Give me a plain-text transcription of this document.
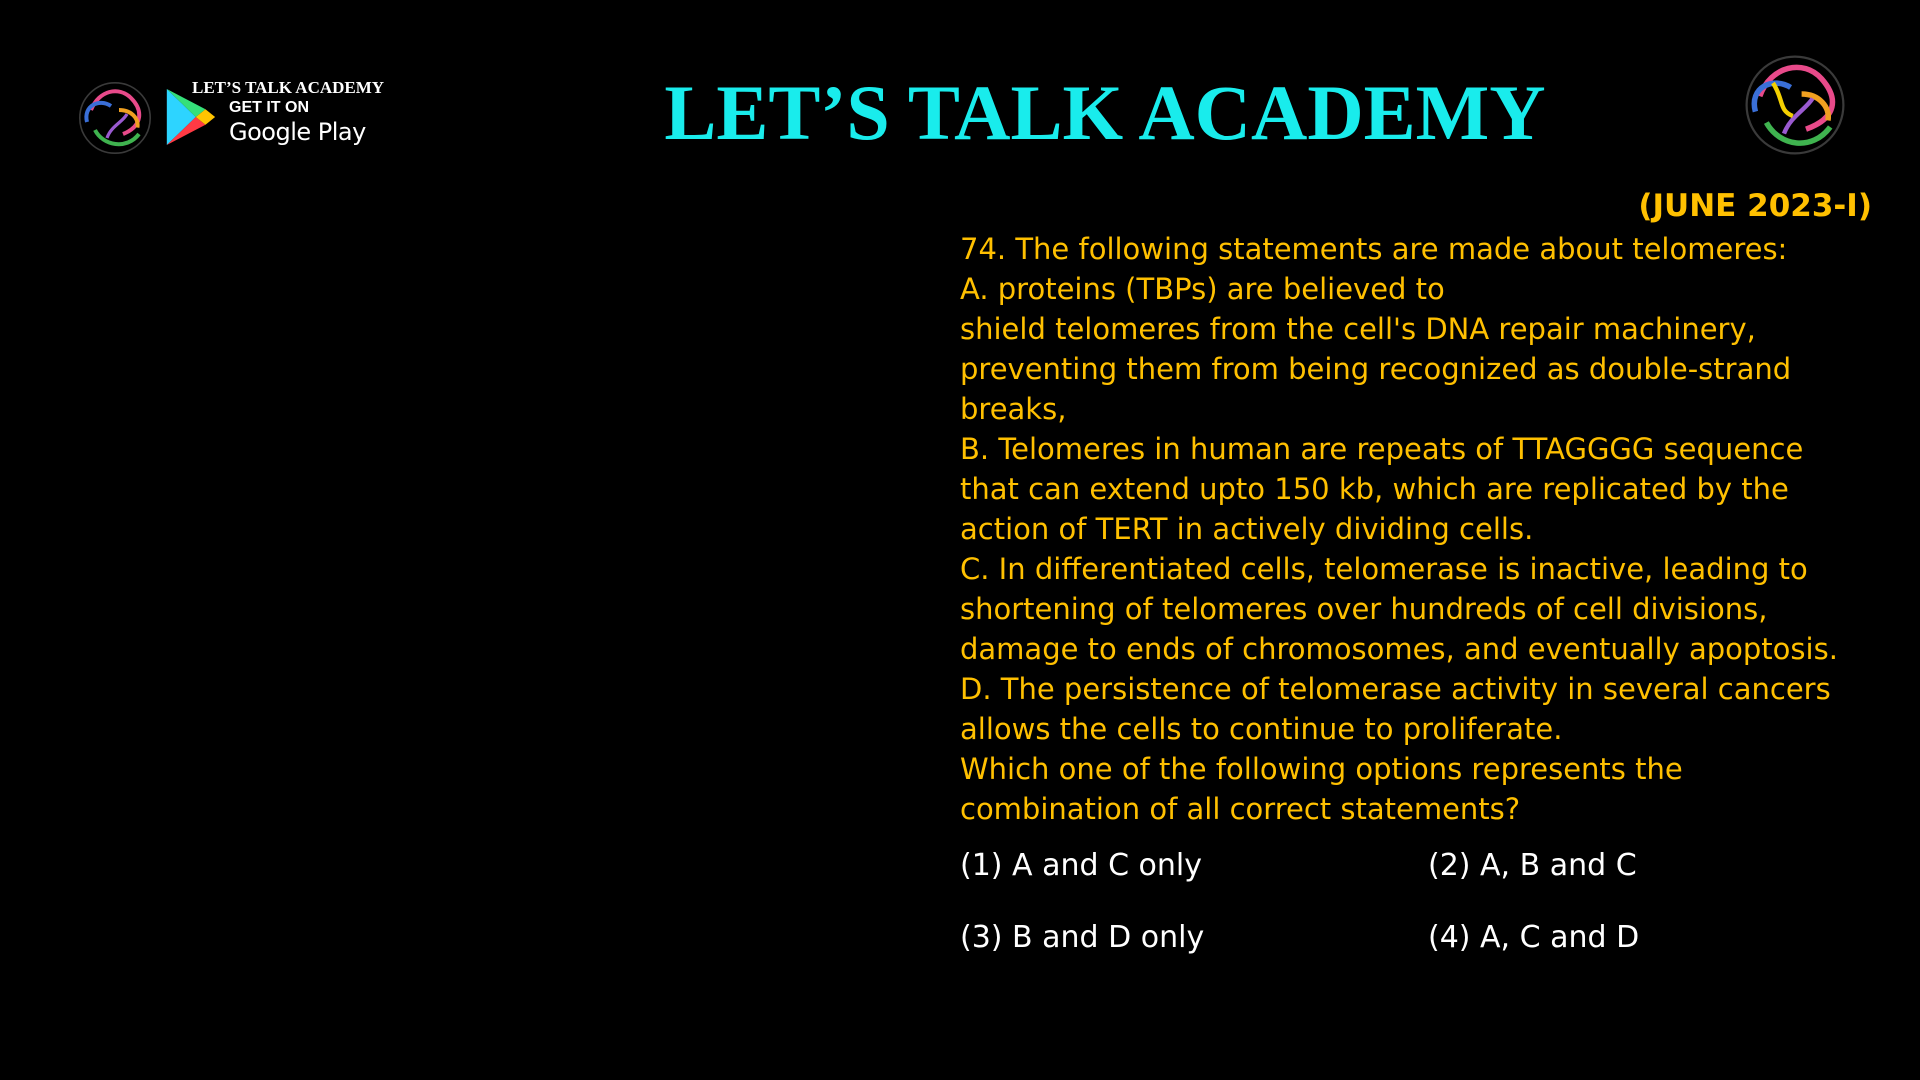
LET’S TALK ACADEMY
GET IT ON
Google Play	LET’S TALK ACADEMY
(JUNE 2023-I)
74. The following statements are made about telomeres:
A. proteins (TBPs) are believed to
shield telomeres from the cell's DNA repair machinery,
preventing them from being recognized as double-strand
breaks,
B. Telomeres in human are repeats of TTAGGGG sequence
that can extend upto 150 kb, which are replicated by the
action of TERT in actively dividing cells.
C. In differentiated cells, telomerase is inactive, leading to
shortening of telomeres over hundreds of cell divisions,
damage to ends of chromosomes, and eventually apoptosis.
D. The persistence of telomerase activity in several cancers
allows the cells to continue to proliferate.
Which one of the following options represents the
combination of all correct statements?
(1) A and C only	(2) A, B and C
(3) B and D only	(4) A, C and D
